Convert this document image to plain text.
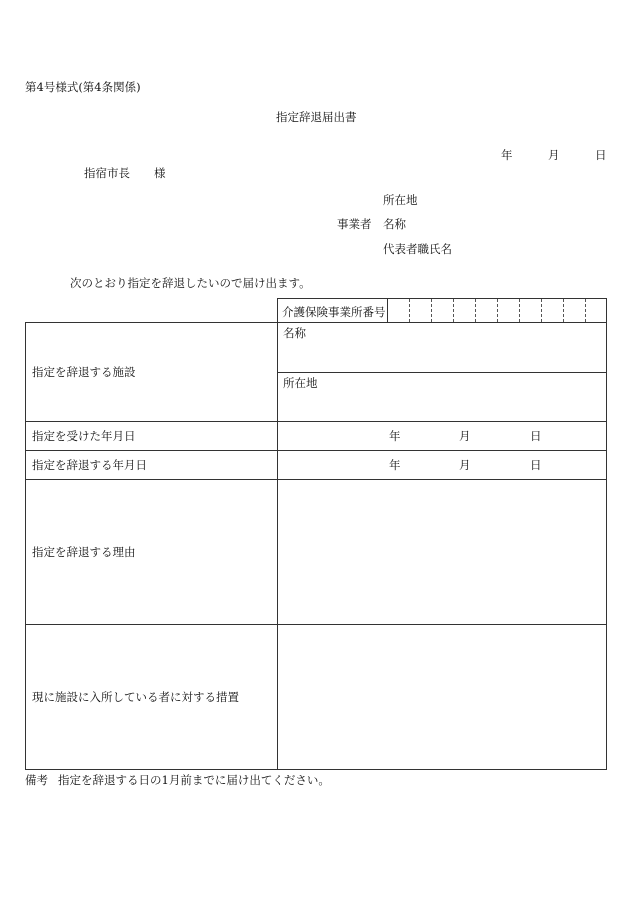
第4号様式(第4条関係)
指定辞退届出書
年	月	日
指宿市長 様
所在地
事業者 名称
代表者職氏名
次のとおり指定を辞退したいので届け出ます。
介護保険事業所番号
指定を辞退する施設
名称
所在地
指定を受けた年月日	年	月	日
指定を辞退する年月日	年	月	日
指定を辞退する理由
現に施設に入所している者に対する措置
備考 指定を辞退する日の1月前までに届け出てください。
